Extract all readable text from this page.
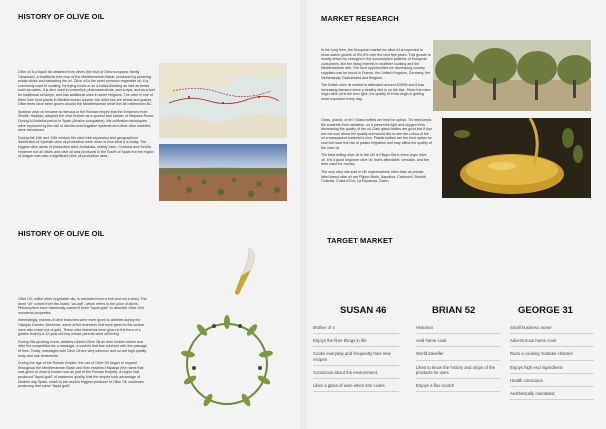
HISTORY OF OLIVE OIL

Olive oil is a liquid fat obtained from olives (the fruit of Olea europaea; family Oleaceae), a traditional tree crop of the Mediterranean Basin, produced by pressing whole olives and extracting the oil. Olive oil is the most common vegetable oil; it is commonly used in cooking, for frying foods or as a salad dressing as well as bread such as cakes. It is also used in cosmetics, pharmaceuticals, and soaps, and as a fuel for traditional oil lamps, and has additional uses in some religions. The olive is one of three core food plants in Mediterranean cuisine; the other two are wheat and grapes. Olive trees have been grown around the Mediterranean since the 8th millennium BC.

Spanish olive oil became so famous in the Roman empire that the Emperors from Seville, Hadrian, adopted the olive branch as a symbol and banner of Hispanic Rome. During Al Andalus period in Spain (Muslim occupation), the cultivation techniques were improved by the use of ditches and irrigation systems and other olive varieties were introduced.

During the 11th and 12th century the olive tree expansion and geographical distribution of Spanish olive oil production were more or less what it is today. The biggest olive areas of production were Andalusia, mainly Jaen, Cordoba and Sevilla. However not all olives and olive oil was produced in the South of Spain but the region of Aragon was also a significant olive oil production area.

MARKET RESEARCH

In the long term, the European market for olive oil is expected to show stable growth of 3%-5% over the next few years. This growth is mostly driven by changes in the consumption patterns of European consumers, like the rising interest in healthier cooking and the Mediterranean diet. The best opportunities for developing country suppliers can be found in France, the United Kingdom, Germany, the Netherlands, Switzerland and Belgium.

The British olive oil market is estimated around £250M and it has increasing demand since a healthy diet is on the rise. Since the extra virgin olive oil is the new type, the quality of extra virgin is getting more important every day.

Glass, plastic, or tin? Glass bottles are best for option. Tin best keeps the contents from oxidation, so it preserves light and oxygen from decreasing the quality of the oil. Dark glass bottles are good but if you are not sure about the quality and would like to see the colour of the oil a transparent material is nice. Plastic bottles are the best option for cost but have the risk of plastic migration and may affect the quality of the olive oil.

The best selling olive oil in the UK is Filippo Berio extra virgin olive oil. It is a good beginner olive oil, that's affordable, versatile, and the best value for money.

The only olive oils sold in UK supermarkets other than as private label brand olive oil are Filippo Berio, Napolina, Carbonell, Bertolli, Colavita, Costa d'Oro, La Espanola, Gaea.

HISTORY OF OLIVE OIL

Olive Oil, unlike other vegetable oils, is extracted from a fruit and not a seed. The word "oil" comes from the Arabic "az-zait", which refers to the juice of olives. Philosophers have historically named it even "liquid gold" to describe Olive Oil's wonderful properties.

Interestingly, crowns of olive branches were even given to athletes during the Olympic Games. Moreover, some of the branches that were given to the victors were also made out of gold. These olive branches were given in the form of a golden thrill by a 12-year-old boy whose parents were still living.

During this sporting event, athletes rubbed Olive Oil on their bodies before and after the competition for a massage, a custom that has survived with the passage of time. Today, massages with Olive Oil are very common and so are high quality body and hair treatments.

During the age of the Roman Empire, the use of Olive Oil began to expand throughout the Mediterranean Basin and then reached Hispania (the name that was given to what is known now as part of the Roman Empire), a region that produced "liquid gold" of maximum quality, that the empire took advantage of. Modern day Spain, which is the world's biggest producer of Olive Oil, continues producing that same "liquid gold".

TARGET MARKET
SUSAN 46
Mother of 4
Enjoys the finer things in life
Cooks everyday and frequently tries new recipes
Conscious about the environment
Likes a glass of wine when she cooks
BRIAN 52
Historian
Avid home cook
World traveller
Likes to know the history and origin of the products he uses
Enjoys a fine scotch
GEORGE 31
Small business owner
Adventurous home cook
Runs a cooking Youtube channel
Enjoys high end ingredients
Health conscious
Aesthetically orientated
